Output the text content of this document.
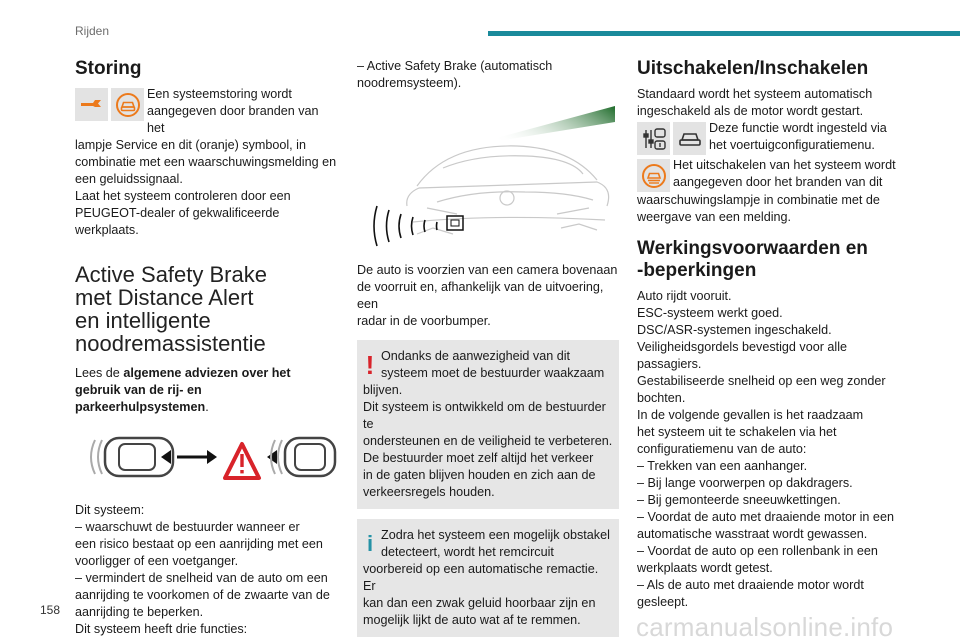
Rijden
Storing

Een systeemstoring wordt
aangegeven door branden van het

lampje Service en dit (oranje) symbool, in
combinatie met een waarschuwingsmelding en
een geluidssignaal.
Laat het systeem controleren door een
PEUGEOT-dealer of gekwalificeerde werkplaats.

Active Safety Brake
met Distance Alert
en intelligente
noodremassistentie

Lees de algemene adviezen over het gebruik van de rij- en parkeerhulpsystemen.

Dit systeem:
– waarschuwt de bestuurder wanneer er
een risico bestaat op een aanrijding met een
voorligger of een voetganger.
– vermindert de snelheid van de auto om een
aanrijding te voorkomen of de zwaarte van de
aanrijding te beperken.
Dit systeem heeft drie functies:

– Active Safety Brake (automatisch
noodremsysteem).

De auto is voorzien van een camera bovenaan
de voorruit en, afhankelijk van de uitvoering, een
radar in de voorbumper.

! Ondanks de aanwezigheid van dit
systeem moet de bestuurder waakzaam
blijven.
Dit systeem is ontwikkeld om de bestuurder te
ondersteunen en de veiligheid te verbeteren.
De bestuurder moet zelf altijd het verkeer
in de gaten blijven houden en zich aan de
verkeersregels houden.
i Zodra het systeem een mogelijk obstakel
detecteert, wordt het remcircuit
voorbereid op een automatische remactie. Er
kan dan een zwak geluid hoorbaar zijn en
mogelijk lijkt de auto wat af te remmen.
Uitschakelen/Inschakelen

Standaard wordt het systeem automatisch
ingeschakeld als de motor wordt gestart.

Deze functie wordt ingesteld via
het voertuigconfiguratiemenu.

Het uitschakelen van het systeem wordt
aangegeven door het branden van dit

waarschuwingslampje in combinatie met de
weergave van een melding.

Werkingsvoorwaarden en
-beperkingen

Auto rijdt vooruit.
ESC-systeem werkt goed.
DSC/ASR-systemen ingeschakeld.
Veiligheidsgordels bevestigd voor alle
passagiers.
Gestabiliseerde snelheid op een weg zonder
bochten.
In de volgende gevallen is het raadzaam
het systeem uit te schakelen via het
configuratiemenu van de auto:
– Trekken van een aanhanger.
– Bij lange voorwerpen op dakdragers.
– Bij gemonteerde sneeuwkettingen.
– Voordat de auto met draaiende motor in een
automatische wasstraat wordt gewassen.
– Voordat de auto op een rollenbank in een
werkplaats wordt getest.
– Als de auto met draaiende motor wordt
gesleept.

158
carmanualsonline.info
